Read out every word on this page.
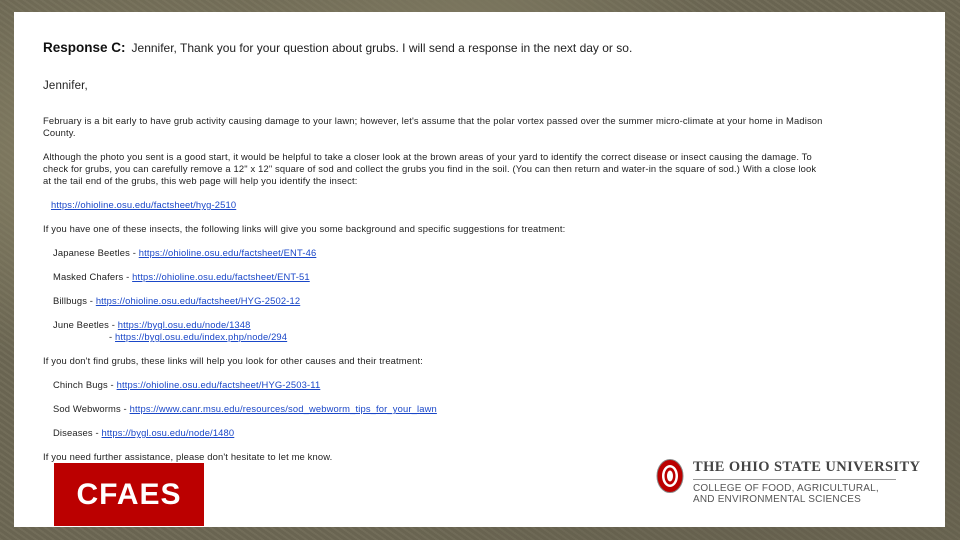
Response C: Jennifer, Thank you for your question about grubs. I will send a response in the next day or so.
Jennifer,
February is a bit early to have grub activity causing damage to your lawn; however, let's assume that the polar vortex passed over the summer micro-climate at your home in Madison
County.
Although the photo you sent is a good start, it would be helpful to take a closer look at the brown areas of your yard to identify the correct disease or insect causing the damage. To
check for grubs, you can carefully remove a 12" x 12" square of sod and collect the grubs you find in the soil. (You can then return and water-in the square of sod.) With a close look
at the tail end of the grubs, this web page will help you identify the insect:
https://ohioline.osu.edu/factsheet/hyg-2510
If you have one of these insects, the following links will give you some background and specific suggestions for treatment:
Japanese Beetles - https://ohioline.osu.edu/factsheet/ENT-46
Masked Chafers - https://ohioline.osu.edu/factsheet/ENT-51
Billbugs - https://ohioline.osu.edu/factsheet/HYG-2502-12
June Beetles - https://bygl.osu.edu/node/1348
- https://bygl.osu.edu/index.php/node/294
If you don't find grubs, these links will help you look for other causes and their treatment:
Chinch Bugs - https://ohioline.osu.edu/factsheet/HYG-2503-11
Sod Webworms - https://www.canr.msu.edu/resources/sod_webworm_tips_for_your_lawn
Diseases - https://bygl.osu.edu/node/1480
If you need further assistance, please don't hesitate to let me know.
CFAES
THE OHIO STATE UNIVERSITY
COLLEGE OF FOOD, AGRICULTURAL,
AND ENVIRONMENTAL SCIENCES
